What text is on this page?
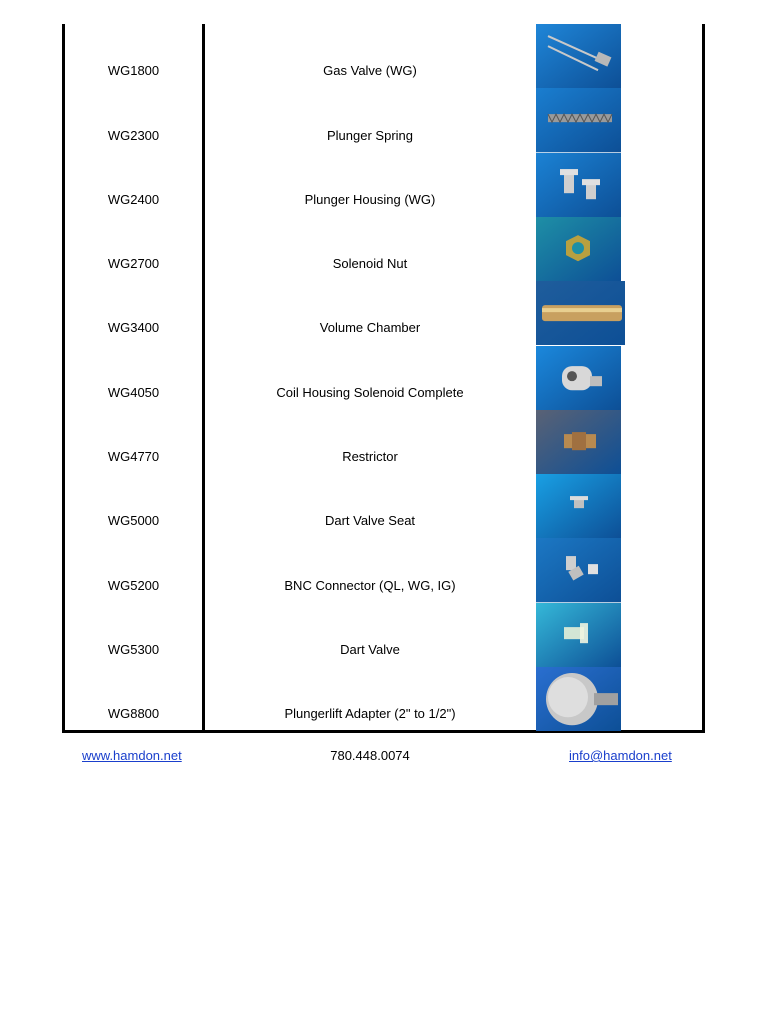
WG1800	Gas Valve (WG)
WG2300	Plunger Spring
WG2400	Plunger Housing (WG)
WG2700	Solenoid Nut
WG3400	Volume Chamber
WG4050	Coil Housing Solenoid Complete
WG4770	Restrictor
WG5000	Dart Valve Seat
WG5200	BNC Connector (QL, WG, IG)
WG5300	Dart Valve
WG8800	Plungerlift Adapter (2" to 1/2")
www.hamdon.net	780.448.0074	info@hamdon.net
